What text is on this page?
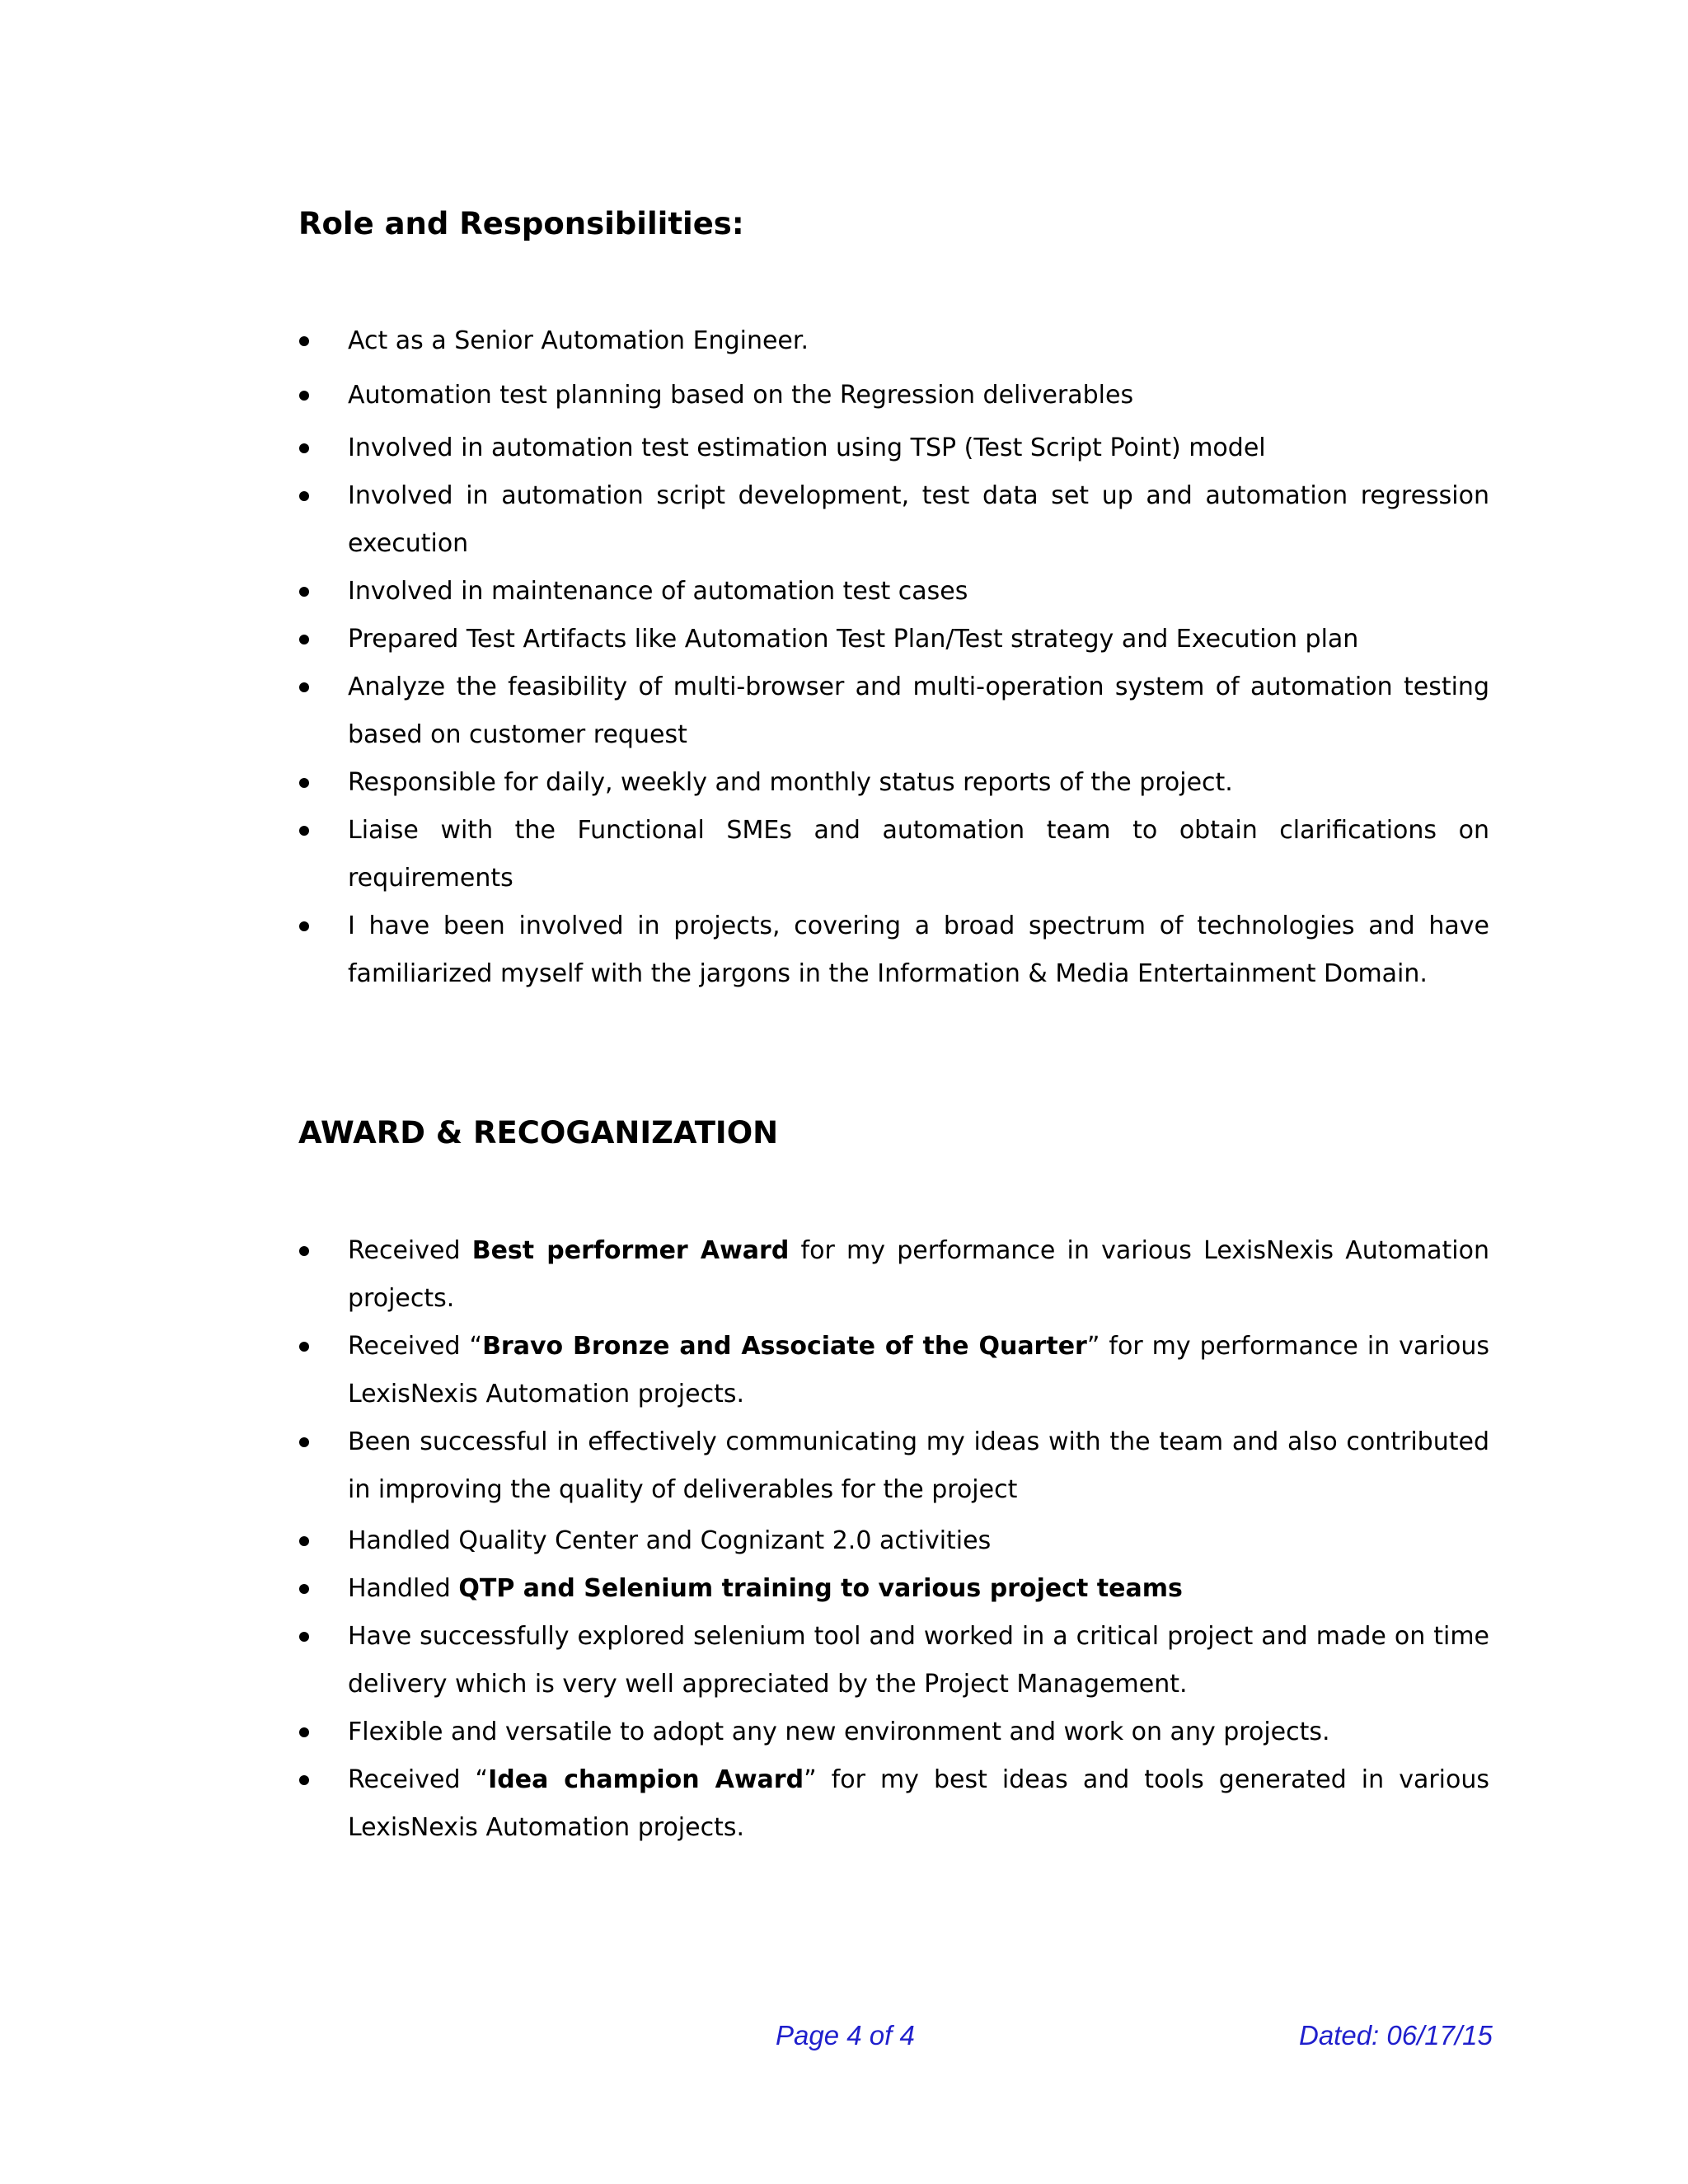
Role and Responsibilities:
Act as a Senior Automation Engineer.
Automation test planning based on the Regression deliverables
Involved in automation test estimation using TSP (Test Script Point) model
Involved in automation script development, test data set up and automation regression execution
Involved in maintenance of automation test cases
Prepared Test Artifacts like Automation Test Plan/Test strategy and Execution plan
Analyze the feasibility of multi-browser and multi-operation system of automation testing based on customer request
Responsible for daily, weekly and monthly status reports of the project.
Liaise with the Functional SMEs and automation team to obtain clarifications on requirements
I have been involved in projects, covering a broad spectrum of technologies and have familiarized myself with the jargons in the Information & Media Entertainment Domain.
AWARD & RECOGANIZATION
Received Best performer Award for my performance in various LexisNexis Automation projects.
Received “Bravo Bronze and Associate of the Quarter” for my performance in various LexisNexis Automation projects.
Been successful in effectively communicating my ideas with the team and also contributed in improving the quality of deliverables for the project
Handled Quality Center and Cognizant 2.0 activities
Handled QTP and Selenium training to various project teams
Have successfully explored selenium tool and worked in a critical project and made on time delivery which is very well appreciated by the Project Management.
Flexible and versatile to adopt any new environment and work on any projects.
Received “Idea champion Award” for my best ideas and tools generated in various LexisNexis Automation projects.
Page 4 of 4	Dated: 06/17/15
